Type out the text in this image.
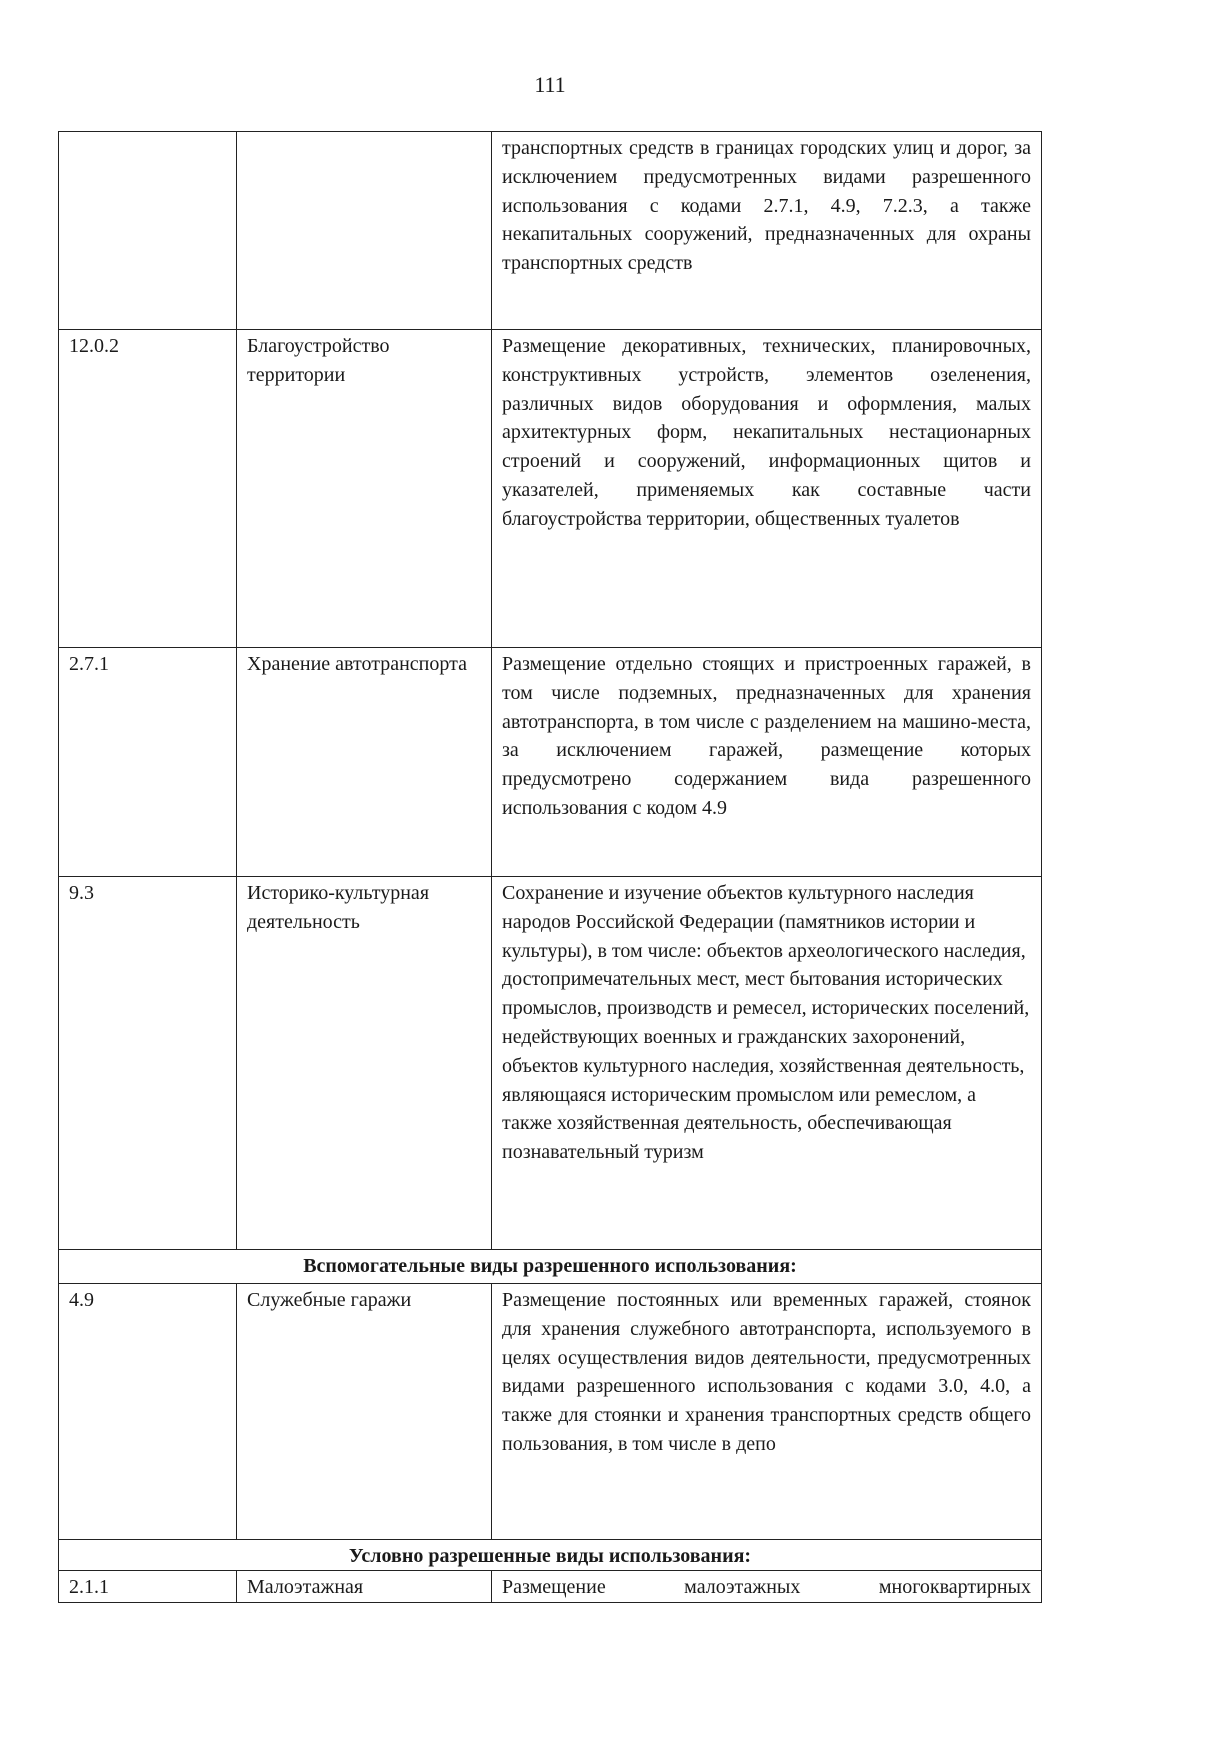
111
		транспортных средств в границах городских улиц и дорог, за исключением предусмотренных видами разрешенного использования с кодами 2.7.1, 4.9, 7.2.3, а также некапитальных сооружений, предназначенных для охраны транспортных средств
12.0.2	Благоустройство территории	Размещение декоративных, технических, планировочных, конструктивных устройств, элементов озеленения, различных видов оборудования и оформления, малых архитектурных форм, некапитальных нестационарных строений и сооружений, информационных щитов и указателей, применяемых как составные части благоустройства территории, общественных туалетов
2.7.1	Хранение автотранспорта	Размещение отдельно стоящих и пристроенных гаражей, в том числе подземных, предназначенных для хранения автотранспорта, в том числе с разделением на машино-места, за исключением гаражей, размещение которых предусмотрено содержанием вида разрешенного использования с кодом 4.9
9.3	Историко-культурная деятельность	Сохранение и изучение объектов культурного наследия народов Российской Федерации (памятников истории и культуры), в том числе: объектов археологического наследия, достопримечательных мест, мест бытования исторических промыслов, производств и ремесел, исторических поселений, недействующих военных и гражданских захоронений, объектов культурного наследия, хозяйственная деятельность, являющаяся историческим промыслом или ремеслом, а также хозяйственная деятельность, обеспечивающая познавательный туризм
Вспомогательные виды разрешенного использования:		
4.9	Служебные гаражи	Размещение постоянных или временных гаражей, стоянок для хранения служебного автотранспорта, используемого в целях осуществления видов деятельности, предусмотренных видами разрешенного использования с кодами 3.0, 4.0, а также для стоянки и хранения транспортных средств общего пользования, в том числе в депо
Условно разрешенные виды использования:		
2.1.1	Малоэтажная	Размещение малоэтажных многоквартирных
